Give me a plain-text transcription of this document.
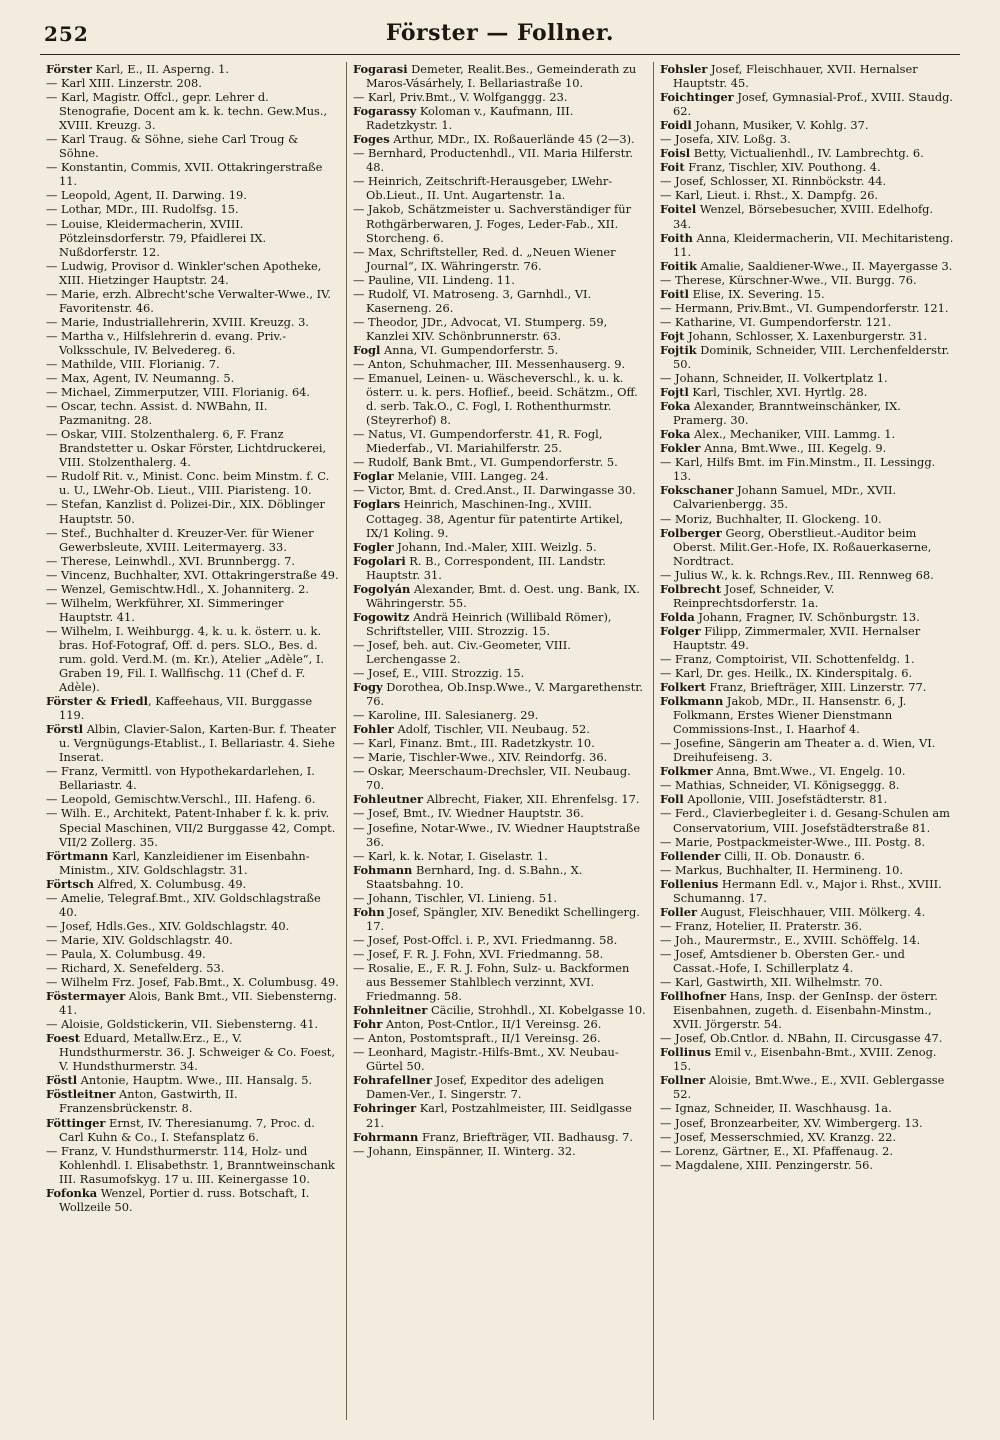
252	Förster — Follner.

Förster Karl, E., II. Asperng. 1.

— Karl XIII. Linzerstr. 208.

— Karl, Magistr. Offcl., gepr. Lehrer d. Stenografie, Docent am k. k. techn. Gew.Mus., XVIII. Kreuzg. 3.

— Karl Traug. & Söhne, siehe Carl Troug & Söhne.

— Konstantin, Commis, XVII. Ottakringerstraße 11.

— Leopold, Agent, II. Darwing. 19.

— Lothar, MDr., III. Rudolfsg. 15.

— Louise, Kleidermacherin, XVIII. Pötzleinsdorferstr. 79, Pfaidlerei IX. Nußdorferstr. 12.

— Ludwig, Provisor d. Winkler'schen Apotheke, XIII. Hietzinger Hauptstr. 24.

— Marie, erzh. Albrecht'sche Verwalter-Wwe., IV. Favoritenstr. 46.

— Marie, Industriallehrerin, XVIII. Kreuzg. 3.

— Martha v., Hilfslehrerin d. evang. Priv.-Volksschule, IV. Belvedereg. 6.

— Mathilde, VIII. Florianig. 7.

— Max, Agent, IV. Neumanng. 5.

— Michael, Zimmerputzer, VIII. Florianig. 64.

— Oscar, techn. Assist. d. NWBahn, II. Pazmanitng. 28.

— Oskar, VIII. Stolzenthalerg. 6, F. Franz Brandstetter u. Oskar Förster, Lichtdruckerei, VIII. Stolzenthalerg. 4.

— Rudolf Rit. v., Minist. Conc. beim Minstm. f. C. u. U., LWehr-Ob. Lieut., VIII. Piaristeng. 10.

— Stefan, Kanzlist d. Polizei-Dir., XIX. Döblinger Hauptstr. 50.

— Stef., Buchhalter d. Kreuzer-Ver. für Wiener Gewerbsleute, XVIII. Leitermayerg. 33.

— Therese, Leinwhdl., XVI. Brunnbergg. 7.

— Vincenz, Buchhalter, XVI. Ottakringerstraße 49.

— Wenzel, Gemischtw.Hdl., X. Johanniterg. 2.

— Wilhelm, Werkführer, XI. Simmeringer Hauptstr. 41.

— Wilhelm, I. Weihburgg. 4, k. u. k. österr. u. k. bras. Hof-Fotograf, Off. d. pers. SLO., Bes. d. rum. gold. Verd.M. (m. Kr.), Atelier „Adèle“, I. Graben 19, Fil. I. Wallfischg. 11 (Chef d. F. Adèle).

Förster & Friedl, Kaffeehaus, VII. Burggasse 119.

Förstl Albin, Clavier-Salon, Karten-Bur. f. Theater u. Vergnügungs-Etablist., I. Bellariastr. 4. Siehe Inserat.

— Franz, Vermittl. von Hypothekardarlehen, I. Bellariastr. 4.

— Leopold, Gemischtw.Verschl., III. Hafeng. 6.

— Wilh. E., Architekt, Patent-Inhaber f. k. k. priv. Special Maschinen, VII/2 Burggasse 42, Compt. VII/2 Zollerg. 35.

Förtmann Karl, Kanzleidiener im Eisenbahn-Ministm., XIV. Goldschlagstr. 31.

Förtsch Alfred, X. Columbusg. 49.

— Amelie, Telegraf.Bmt., XIV. Goldschlagstraße 40.

— Josef, Hdls.Ges., XIV. Goldschlagstr. 40.

— Marie, XIV. Goldschlagstr. 40.

— Paula, X. Columbusg. 49.

— Richard, X. Senefelderg. 53.

— Wilhelm Frz. Josef, Fab.Bmt., X. Columbusg. 49.

Föstermayer Alois, Bank Bmt., VII. Siebensterng. 41.

— Aloisie, Goldstickerin, VII. Siebensterng. 41.

Foest Eduard, Metallw.Erz., E., V. Hundsthurmerstr. 36. J. Schweiger & Co. Foest, V. Hundsthurmerstr. 34.

Föstl Antonie, Hauptm. Wwe., III. Hansalg. 5.

Föstleitner Anton, Gastwirth, II. Franzensbrückenstr. 8.

Föttinger Ernst, IV. Theresianumg. 7, Proc. d. Carl Kuhn & Co., I. Stefansplatz 6.

— Franz, V. Hundsthurmerstr. 114, Holz- und Kohlenhdl. I. Elisabethstr. 1, Branntweinschank III. Rasumofskyg. 17 u. III. Keinergasse 10.

Fofonka Wenzel, Portier d. russ. Botschaft, I. Wollzeile 50.

Fogarasi Demeter, Realit.Bes., Gemeinderath zu Maros-Vásárhely, I. Bellariastraße 10.

— Karl, Priv.Bmt., V. Wolfganggg. 23.

Fogarassy Koloman v., Kaufmann, III. Radetzkystr. 1.

Foges Arthur, MDr., IX. Roßauerlände 45 (2—3).

— Bernhard, Productenhdl., VII. Maria Hilferstr. 48.

— Heinrich, Zeitschrift-Herausgeber, LWehr-Ob.Lieut., II. Unt. Augartenstr. 1a.

— Jakob, Schätzmeister u. Sachverständiger für Rothgärberwaren, J. Foges, Leder-Fab., XII. Storcheng. 6.

— Max, Schriftsteller, Red. d. „Neuen Wiener Journal“, IX. Währingerstr. 76.

— Pauline, VII. Lindeng. 11.

— Rudolf, VI. Matroseng. 3, Garnhdl., VI. Kaserneng. 26.

— Theodor, JDr., Advocat, VI. Stumperg. 59, Kanzlei XIV. Schönbrunnerstr. 63.

Fogl Anna, VI. Gumpendorferstr. 5.

— Anton, Schuhmacher, III. Messenhauserg. 9.

— Emanuel, Leinen- u. Wäscheverschl., k. u. k. österr. u. k. pers. Hoflief., beeid. Schätzm., Off. d. serb. Tak.O., C. Fogl, I. Rothenthurmstr. (Steyrerhof) 8.

— Natus, VI. Gumpendorferstr. 41, R. Fogl, Miederfab., VI. Mariahilferstr. 25.

— Rudolf, Bank Bmt., VI. Gumpendorferstr. 5.

Foglar Melanie, VIII. Langeg. 24.

— Victor, Bmt. d. Cred.Anst., II. Darwingasse 30.

Foglars Heinrich, Maschinen-Ing., XVIII. Cottageg. 38, Agentur für patentirte Artikel, IX/1 Koling. 9.

Fogler Johann, Ind.-Maler, XIII. Weizlg. 5.

Fogolari R. B., Correspondent, III. Landstr. Hauptstr. 31.

Fogolyán Alexander, Bmt. d. Oest. ung. Bank, IX. Währingerstr. 55.

Fogowitz Andrä Heinrich (Willibald Römer), Schriftsteller, VIII. Strozzig. 15.

— Josef, beh. aut. Civ.-Geometer, VIII. Lerchengasse 2.

— Josef, E., VIII. Strozzig. 15.

Fogy Dorothea, Ob.Insp.Wwe., V. Margarethenstr. 76.

— Karoline, III. Salesianerg. 29.

Fohler Adolf, Tischler, VII. Neubaug. 52.

— Karl, Finanz. Bmt., III. Radetzkystr. 10.

— Marie, Tischler-Wwe., XIV. Reindorfg. 36.

— Oskar, Meerschaum-Drechsler, VII. Neubaug. 70.

Fohleutner Albrecht, Fiaker, XII. Ehrenfelsg. 17.

— Josef, Bmt., IV. Wiedner Hauptstr. 36.

— Josefine, Notar-Wwe., IV. Wiedner Hauptstraße 36.

— Karl, k. k. Notar, I. Giselastr. 1.

Fohmann Bernhard, Ing. d. S.Bahn., X. Staatsbahng. 10.

— Johann, Tischler, VI. Linieng. 51.

Fohn Josef, Spängler, XIV. Benedikt Schellingerg. 17.

— Josef, Post-Offcl. i. P., XVI. Friedmanng. 58.

— Josef, F. R. J. Fohn, XVI. Friedmanng. 58.

— Rosalie, E., F. R. J. Fohn, Sulz- u. Backformen aus Bessemer Stahlblech verzinnt, XVI. Friedmanng. 58.

Fohnleitner Cäcilie, Strohhdl., XI. Kobelgasse 10.

Fohr Anton, Post-Cntlor., II/1 Vereinsg. 26.

— Anton, Postomtspraft., II/1 Vereinsg. 26.

— Leonhard, Magistr.-Hilfs-Bmt., XV. Neubau-Gürtel 50.

Fohrafellner Josef, Expeditor des adeligen Damen-Ver., I. Singerstr. 7.

Fohringer Karl, Postzahlmeister, III. Seidlgasse 21.

Fohrmann Franz, Briefträger, VII. Badhausg. 7.

— Johann, Einspänner, II. Winterg. 32.

Fohsler Josef, Fleischhauer, XVII. Hernalser Hauptstr. 45.

Foichtinger Josef, Gymnasial-Prof., XVIII. Staudg. 62.

Foidl Johann, Musiker, V. Kohlg. 37.

— Josefa, XIV. Loßg. 3.

Foisl Betty, Victualienhdl., IV. Lambrechtg. 6.

Foit Franz, Tischler, XIV. Pouthong. 4.

— Josef, Schlosser, XI. Rinnböckstr. 44.

— Karl, Lieut. i. Rhst., X. Dampfg. 26.

Foitel Wenzel, Börsebesucher, XVIII. Edelhofg. 34.

Foith Anna, Kleidermacherin, VII. Mechitaristeng. 11.

Foitik Amalie, Saaldiener-Wwe., II. Mayergasse 3.

— Therese, Kürschner-Wwe., VII. Burgg. 76.

Foitl Elise, IX. Severing. 15.

— Hermann, Priv.Bmt., VI. Gumpendorferstr. 121.

— Katharine, VI. Gumpendorferstr. 121.

Fojt Johann, Schlosser, X. Laxenburgerstr. 31.

Fojtik Dominik, Schneider, VIII. Lerchenfelderstr. 50.

— Johann, Schneider, II. Volkertplatz 1.

Fojtl Karl, Tischler, XVI. Hyrtlg. 28.

Foka Alexander, Branntweinschänker, IX. Pramerg. 30.

Foka Alex., Mechaniker, VIII. Lammg. 1.

Fokler Anna, Bmt.Wwe., III. Kegelg. 9.

— Karl, Hilfs Bmt. im Fin.Minstm., II. Lessingg. 13.

Fokschaner Johann Samuel, MDr., XVII. Calvarienbergg. 35.

— Moriz, Buchhalter, II. Glockeng. 10.

Folberger Georg, Oberstlieut.-Auditor beim Oberst. Milit.Ger.-Hofe, IX. Roßauerkaserne, Nordtract.

— Julius W., k. k. Rchngs.Rev., III. Rennweg 68.

Folbrecht Josef, Schneider, V. Reinprechtsdorferstr. 1a.

Folda Johann, Fragner, IV. Schönburgstr. 13.

Folger Filipp, Zimmermaler, XVII. Hernalser Hauptstr. 49.

— Franz, Comptoirist, VII. Schottenfeldg. 1.

— Karl, Dr. ges. Heilk., IX. Kinderspitalg. 6.

Folkert Franz, Briefträger, XIII. Linzerstr. 77.

Folkmann Jakob, MDr., II. Hansenstr. 6, J. Folkmann, Erstes Wiener Dienstmann Commissions-Inst., I. Haarhof 4.

— Josefine, Sängerin am Theater a. d. Wien, VI. Dreihufeiseng. 3.

Folkmer Anna, Bmt.Wwe., VI. Engelg. 10.

— Mathias, Schneider, VI. Königseggg. 8.

Foll Apollonie, VIII. Josefstädterstr. 81.

— Ferd., Clavierbegleiter i. d. Gesang-Schulen am Conservatorium, VIII. Josefstädterstraße 81.

— Marie, Postpackmeister-Wwe., III. Postg. 8.

Follender Cilli, II. Ob. Donaustr. 6.

— Markus, Buchhalter, II. Hermineng. 10.

Follenius Hermann Edl. v., Major i. Rhst., XVIII. Schumanng. 17.

Foller August, Fleischhauer, VIII. Mölkerg. 4.

— Franz, Hotelier, II. Praterstr. 36.

— Joh., Maurermstr., E., XVIII. Schöffelg. 14.

— Josef, Amtsdiener b. Obersten Ger.- und Cassat.-Hofe, I. Schillerplatz 4.

— Karl, Gastwirth, XII. Wilhelmstr. 70.

Follhofner Hans, Insp. der GenInsp. der österr. Eisenbahnen, zugeth. d. Eisenbahn-Minstm., XVII. Jörgerstr. 54.

— Josef, Ob.Cntlor. d. NBahn, II. Circusgasse 47.

Follinus Emil v., Eisenbahn-Bmt., XVIII. Zenog. 15.

Follner Aloisie, Bmt.Wwe., E., XVII. Geblergasse 52.

— Ignaz, Schneider, II. Waschhausg. 1a.

— Josef, Bronzearbeiter, XV. Wimbergerg. 13.

— Josef, Messerschmied, XV. Kranzg. 22.

— Lorenz, Gärtner, E., XI. Pfaffenaug. 2.

— Magdalene, XIII. Penzingerstr. 56.
